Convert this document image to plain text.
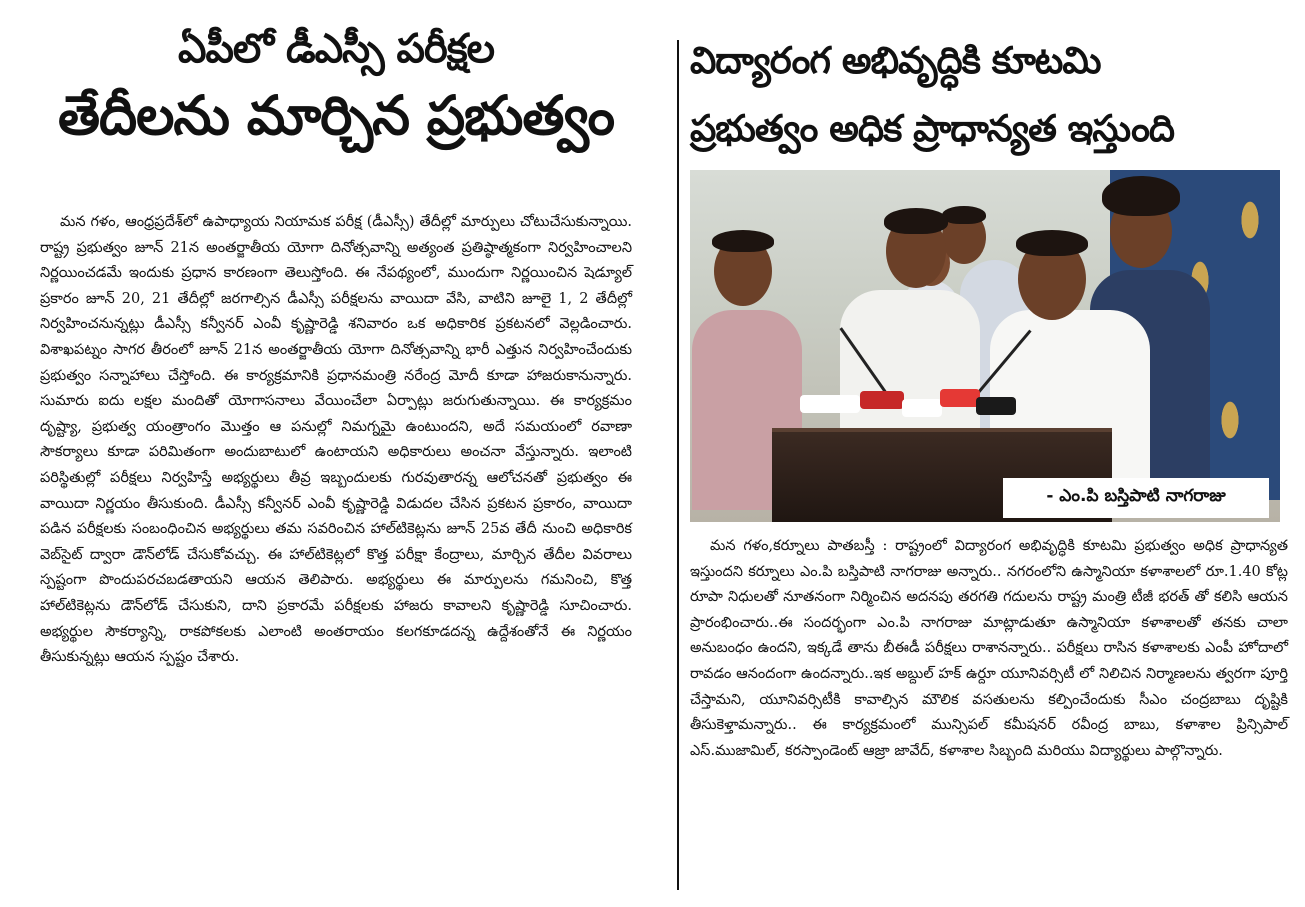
ఏపీలో డీఎస్సీ పరీక్షల
తేదీలను మార్చిన ప్రభుత్వం

మన గళం, ఆంధ్రప్రదేశ్‌లో ఉపాధ్యాయ నియామక పరీక్ష (డీఎస్సీ) తేదీల్లో మార్పులు చోటుచేసుకున్నాయి. రాష్ట్ర ప్రభుత్వం జూన్ 21న అంతర్జాతీయ యోగా దినోత్సవాన్ని అత్యంత ప్రతిష్ఠాత్మకంగా నిర్వహించాలని నిర్ణయించడమే ఇందుకు ప్రధాన కారణంగా తెలుస్తోంది. ఈ నేపథ్యంలో, ముందుగా నిర్ణయించిన షెడ్యూల్ ప్రకారం జూన్ 20, 21 తేదీల్లో జరగాల్సిన డీఎస్సీ పరీక్షలను వాయిదా వేసి, వాటిని జూలై 1, 2 తేదీల్లో నిర్వహించనున్నట్లు డీఎస్సీ కన్వీనర్ ఎంవీ కృష్ణారెడ్డి శనివారం ఒక అధికారిక ప్రకటనలో వెల్లడించారు. విశాఖపట్నం సాగర తీరంలో జూన్ 21న అంతర్జాతీయ యోగా దినోత్సవాన్ని భారీ ఎత్తున నిర్వహించేందుకు ప్రభుత్వం సన్నాహాలు చేస్తోంది. ఈ కార్యక్రమానికి ప్రధానమంత్రి నరేంద్ర మోదీ కూడా హాజరుకానున్నారు. సుమారు ఐదు లక్షల మందితో యోగాసనాలు వేయించేలా ఏర్పాట్లు జరుగుతున్నాయి. ఈ కార్యక్రమం దృష్ట్యా, ప్రభుత్వ యంత్రాంగం మొత్తం ఆ పనుల్లో నిమగ్నమై ఉంటుందని, అదే సమయంలో రవాణా సౌకర్యాలు కూడా పరిమితంగా అందుబాటులో ఉంటాయని అధికారులు అంచనా వేస్తున్నారు. ఇలాంటి పరిస్థితుల్లో పరీక్షలు నిర్వహిస్తే అభ్యర్థులు తీవ్ర ఇబ్బందులకు గురవుతారన్న ఆలోచనతో ప్రభుత్వం ఈ వాయిదా నిర్ణయం తీసుకుంది. డీఎస్సీ కన్వీనర్ ఎంవీ కృష్ణారెడ్డి విడుదల చేసిన ప్రకటన ప్రకారం, వాయిదా పడిన పరీక్షలకు సంబంధించిన అభ్యర్థులు తమ సవరించిన హాల్‌టికెట్లను జూన్ 25వ తేదీ నుంచి అధికారిక వెబ్‌సైట్ ద్వారా డౌన్‌లోడ్ చేసుకోవచ్చు. ఈ హాల్‌టికెట్లలో కొత్త పరీక్షా కేంద్రాలు, మార్చిన తేదీల వివరాలు స్పష్టంగా పొందుపరచబడతాయని ఆయన తెలిపారు. అభ్యర్థులు ఈ మార్పులను గమనించి, కొత్త హాల్‌టికెట్లను డౌన్‌లోడ్ చేసుకుని, దాని ప్రకారమే పరీక్షలకు హాజరు కావాలని కృష్ణారెడ్డి సూచించారు. అభ్యర్థుల సౌకర్యాన్ని, రాకపోకలకు ఎలాంటి అంతరాయం కలగకూడదన్న ఉద్దేశంతోనే ఈ నిర్ణయం తీసుకున్నట్లు ఆయన స్పష్టం చేశారు.

విద్యారంగ అభివృద్ధికి కూటమి
ప్రభుత్వం అధిక ప్రాధాన్యత ఇస్తుంది
- ఎం.పి బస్తిపాటి నాగరాజు

మన గళం,కర్నూలు పాతబస్తీ : రాష్ట్రంలో విద్యారంగ అభివృద్ధికి కూటమి ప్రభుత్వం అధిక ప్రాధాన్యత ఇస్తుందని కర్నూలు ఎం.పి బస్తిపాటి నాగరాజు అన్నారు.. నగరంలోని ఉస్మానియా కళాశాలలో రూ.1.40 కోట్ల రూపా నిధులతో నూతనంగా నిర్మించిన అదనపు తరగతి గదులను రాష్ట్ర మంత్రి టీజీ భరత్ తో కలిసి ఆయన ప్రారంభించారు..ఈ సందర్భంగా ఎం.పి నాగరాజు మాట్లాడుతూ ఉస్మానియా కళాశాలతో తనకు చాలా అనుబంధం ఉందని, ఇక్కడే తాను బీఈడీ పరీక్షలు రాశానన్నారు.. పరీక్షలు రాసిన కళాశాలకు ఎంపీ హోదాలో రావడం ఆనందంగా ఉందన్నారు..ఇక అబ్దుల్ హక్ ఉర్దూ యూనివర్సిటీ లో నిలిచిన నిర్మాణలను త్వరగా పూర్తి చేస్తామని, యూనివర్సిటీకి కావాల్సిన మౌలిక వసతులను కల్పించేందుకు సీఎం చంద్రబాబు దృష్టికి తీసుకెళ్తామన్నారు.. ఈ కార్యక్రమంలో మున్సిపల్ కమీషనర్ రవీంద్ర బాబు, కళాశాల ప్రిన్సిపాల్ ఎస్.ముజామిల్, కరస్పాండెంట్ ఆజ్రా జావేద్, కళాశాల సిబ్బంది మరియు విద్యార్థులు పాల్గొన్నారు.
